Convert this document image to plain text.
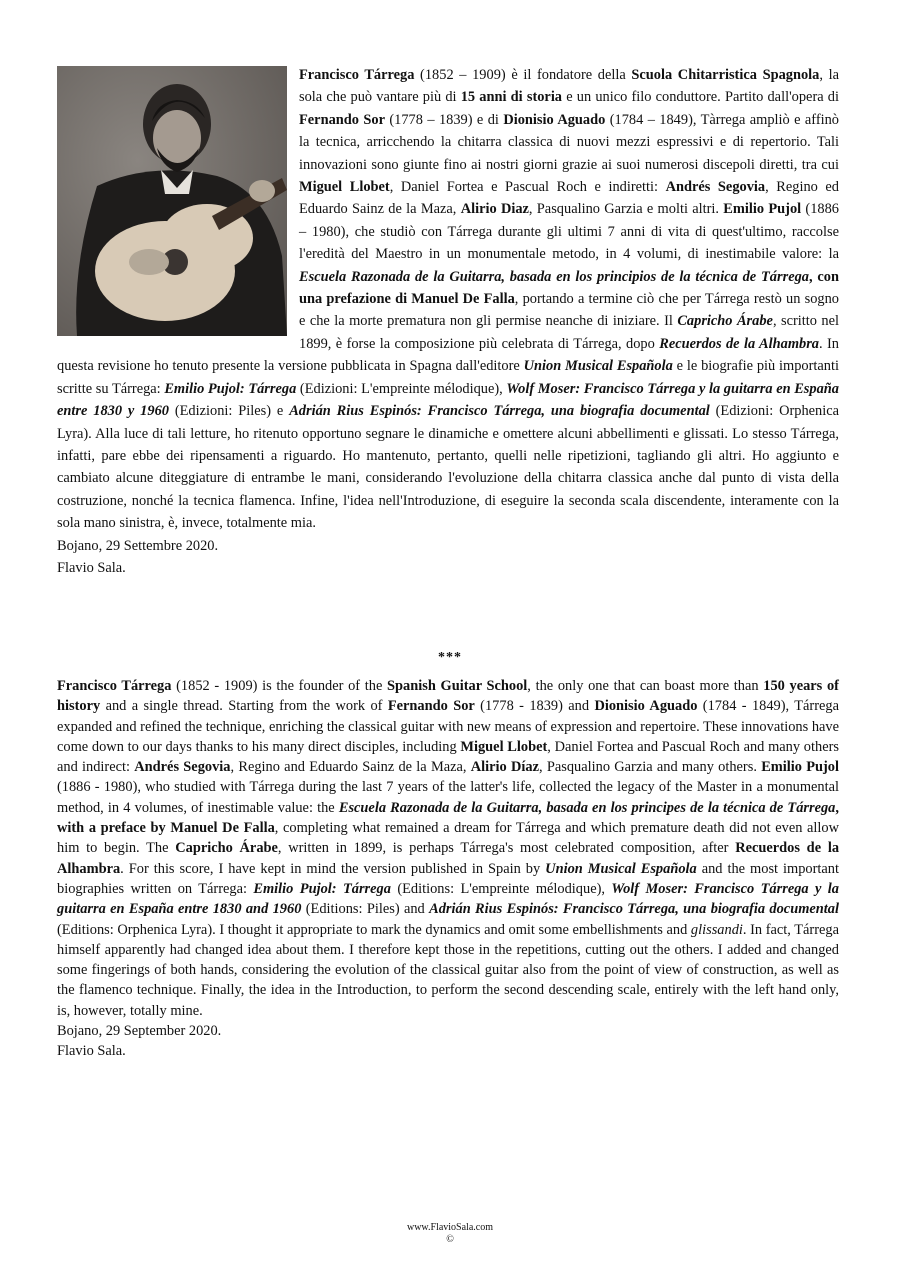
Francisco Tárrega (1852 – 1909) è il fondatore della Scuola Chitarristica Spagnola, la sola che può vantare più di 15 anni di storia e un unico filo conduttore. Partito dall'opera di Fernando Sor (1778 – 1839) e di Dionisio Aguado (1784 – 1849), Tàrrega ampliò e affinò la tecnica, arricchendo la chitarra classica di nuovi mezzi espressivi e di repertorio. Tali innovazioni sono giunte fino ai nostri giorni grazie ai suoi numerosi discepoli diretti, tra cui Miguel Llobet, Daniel Fortea e Pascual Roch e indiretti: Andrés Segovia, Regino ed Eduardo Sainz de la Maza, Alirio Diaz, Pasqualino Garzia e molti altri. Emilio Pujol (1886 – 1980), che studiò con Tárrega durante gli ultimi 7 anni di vita di quest'ultimo, raccolse l'eredità del Maestro in un monumentale metodo, in 4 volumi, di inestimabile valore: la Escuela Razonada de la Guitarra, basada en los principios de la técnica de Tárrega, con una prefazione di Manuel De Falla, portando a termine ciò che per Tárrega restò un sogno e che la morte prematura non gli permise neanche di iniziare. Il Capricho Árabe, scritto nel 1899, è forse la composizione più celebrata di Tárrega, dopo Recuerdos de la Alhambra. In questa revisione ho tenuto presente la versione pubblicata in Spagna dall'editore Union Musical Española e le biografie più importanti scritte su Tárrega: Emilio Pujol: Tárrega (Edizioni: L'empreinte mélodique), Wolf Moser: Francisco Tárrega y la guitarra en España entre 1830 y 1960 (Edizioni: Piles) e Adrián Rius Espinós: Francisco Tárrega, una biografia documental (Edizioni: Orphenica Lyra). Alla luce di tali letture, ho ritenuto opportuno segnare le dinamiche e omettere alcuni abbellimenti e glissati. Lo stesso Tárrega, infatti, pare ebbe dei ripensamenti a riguardo. Ho mantenuto, pertanto, quelli nelle ripetizioni, tagliando gli altri. Ho aggiunto e cambiato alcune diteggiature di entrambe le mani, considerando l'evoluzione della chitarra classica anche dal punto di vista della costruzione, nonché la tecnica flamenca. Infine, l'idea nell'Introduzione, di eseguire la seconda scala discendente, interamente con la sola mano sinistra, è, invece, totalmente mia.

Bojano, 29 Settembre 2020.

Flavio Sala.

***

Francisco Tárrega (1852 - 1909) is the founder of the Spanish Guitar School, the only one that can boast more than 150 years of history and a single thread. Starting from the work of Fernando Sor (1778 - 1839) and Dionisio Aguado (1784 - 1849), Tárrega expanded and refined the technique, enriching the classical guitar with new means of expression and repertoire. These innovations have come down to our days thanks to his many direct disciples, including Miguel Llobet, Daniel Fortea and Pascual Roch and many others and indirect: Andrés Segovia, Regino and Eduardo Sainz de la Maza, Alirio Díaz, Pasqualino Garzia and many others. Emilio Pujol (1886 - 1980), who studied with Tárrega during the last 7 years of the latter's life, collected the legacy of the Master in a monumental method, in 4 volumes, of inestimable value: the Escuela Razonada de la Guitarra, basada en los principes de la técnica de Tárrega, with a preface by Manuel De Falla, completing what remained a dream for Tárrega and which premature death did not even allow him to begin. The Capricho Árabe, written in 1899, is perhaps Tárrega's most celebrated composition, after Recuerdos de la Alhambra. For this score, I have kept in mind the version published in Spain by Union Musical Española and the most important biographies written on Tárrega: Emilio Pujol: Tárrega (Editions: L'empreinte mélodique), Wolf Moser: Francisco Tárrega y la guitarra en España entre 1830 and 1960 (Editions: Piles) and Adrián Rius Espinós: Francisco Tárrega, una biografia documental (Editions: Orphenica Lyra). I thought it appropriate to mark the dynamics and omit some embellishments and glissandi. In fact, Tárrega himself apparently had changed idea about them. I therefore kept those in the repetitions, cutting out the others. I added and changed some fingerings of both hands, considering the evolution of the classical guitar also from the point of view of construction, as well as the flamenco technique. Finally, the idea in the Introduction, to perform the second descending scale, entirely with the left hand only, is, however, totally mine.

Bojano, 29 September 2020.

Flavio Sala.

www.FlavioSala.com
©
